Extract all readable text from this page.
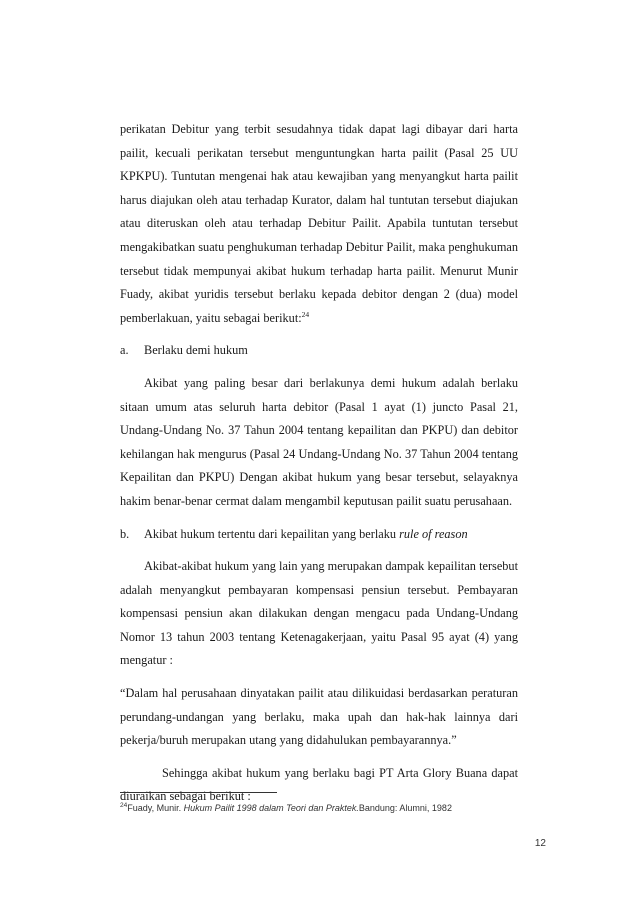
perikatan Debitur yang terbit sesudahnya tidak dapat lagi dibayar dari harta pailit, kecuali perikatan tersebut menguntungkan harta pailit (Pasal 25 UU KPKPU). Tuntutan mengenai hak atau kewajiban yang menyangkut harta pailit harus diajukan oleh atau terhadap Kurator, dalam hal tuntutan tersebut diajukan atau diteruskan oleh atau terhadap Debitur Pailit. Apabila tuntutan tersebut mengakibatkan suatu penghukuman terhadap Debitur Pailit, maka penghukuman tersebut tidak mempunyai akibat hukum terhadap harta pailit. Menurut Munir Fuady, akibat yuridis tersebut berlaku kepada debitor dengan 2 (dua) model pemberlakuan, yaitu sebagai berikut:$^{24}$

a. Berlaku demi hukum

Akibat yang paling besar dari berlakunya demi hukum adalah berlaku sitaan umum atas seluruh harta debitor (Pasal 1 ayat (1) juncto Pasal 21, Undang-Undang No. 37 Tahun 2004 tentang kepailitan dan PKPU) dan debitor kehilangan hak mengurus (Pasal 24 Undang-Undang No. 37 Tahun 2004 tentang Kepailitan dan PKPU) Dengan akibat hukum yang besar tersebut, selayaknya hakim benar-benar cermat dalam mengambil keputusan pailit suatu perusahaan.

b. Akibat hukum tertentu dari kepailitan yang berlaku rule of reason

Akibat-akibat hukum yang lain yang merupakan dampak kepailitan tersebut adalah menyangkut pembayaran kompensasi pensiun tersebut. Pembayaran kompensasi pensiun akan dilakukan dengan mengacu pada Undang-Undang Nomor 13 tahun 2003 tentang Ketenagakerjaan, yaitu Pasal 95 ayat (4) yang mengatur :

“Dalam hal perusahaan dinyatakan pailit atau dilikuidasi berdasarkan peraturan perundang-undangan yang berlaku, maka upah dan hak-hak lainnya dari pekerja/buruh merupakan utang yang didahulukan pembayarannya.”

Sehingga akibat hukum yang berlaku bagi PT Arta Glory Buana dapat diuraikan sebagai berikut :

$^{24}$Fuady, Munir. Hukum Pailit 1998 dalam Teori dan Praktek.Bandung: Alumni, 1982
12
